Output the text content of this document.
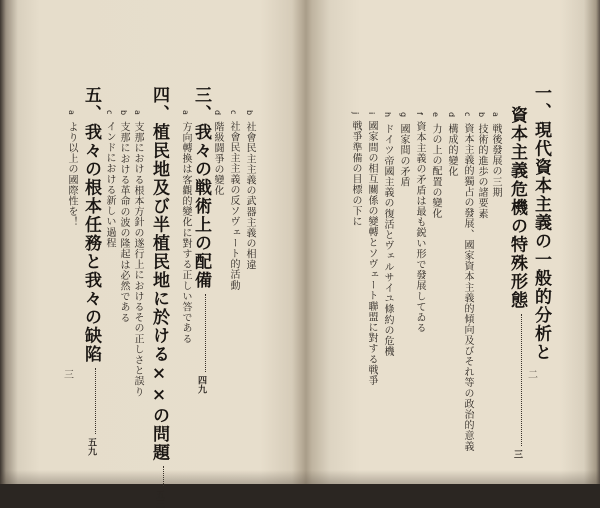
三、我々の戦術上の配備四九
d階級闘爭の變化
c社會民主主義の反ソヴェート的活動
b社會民主主義の武器主義の相違
a方向轉換は客觀的變化に對する正しい答である
四、植民地及び半植民地に於ける××の問題五三
a支那における根本方針の遂行上におけるその正しさと誤り
b支那における革命の波の隆起は必然である
cインドにおける新しい過程
五、我々の根本任務と我々の缺陷五九
aより以上の國際性を！
三
一、現代資本主義の一般的分析と
資本主義危機の特殊形態三
a戦後發展の三期
b技術的進歩の諸要素
c資本主義的獨占の發展、國家資本主義的傾向及びそれ等の政治的意義
d構成的變化
e力の上の配置の變化
f資本主義の矛盾は最も鋭い形で發展してゐる
g國家間の矛盾
hドイツ帝國主義の復活とヴェルサイユ條約の危機
i國家間の相互關係の變轉とソヴェート聯盟に對する戦爭
j戦爭準備の目標の下に
二
